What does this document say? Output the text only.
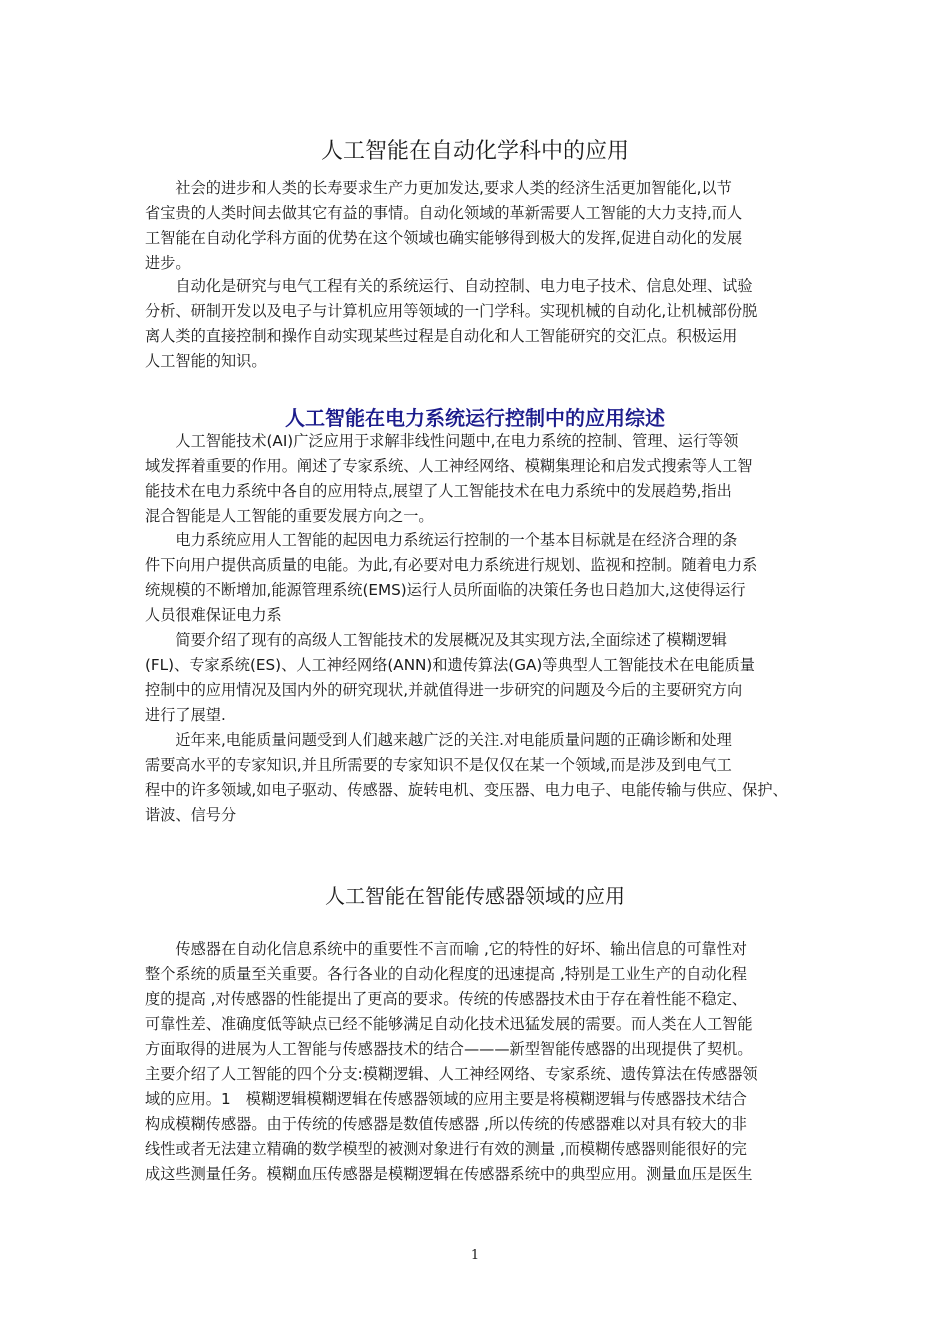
人工智能在自动化学科中的应用
　　社会的进步和人类的长寿要求生产力更加发达,要求人类的经济生活更加智能化,以节
省宝贵的人类时间去做其它有益的事情。自动化领域的革新需要人工智能的大力支持,而人
工智能在自动化学科方面的优势在这个领域也确实能够得到极大的发挥,促进自动化的发展
进步。
　　自动化是研究与电气工程有关的系统运行、自动控制、电力电子技术、信息处理、试验
分析、研制开发以及电子与计算机应用等领域的一门学科。实现机械的自动化,让机械部份脱
离人类的直接控制和操作自动实现某些过程是自动化和人工智能研究的交汇点。积极运用
人工智能的知识。
人工智能在电力系统运行控制中的应用综述
　　人工智能技术(AI)广泛应用于求解非线性问题中,在电力系统的控制、管理、运行等领
域发挥着重要的作用。阐述了专家系统、人工神经网络、模糊集理论和启发式搜索等人工智
能技术在电力系统中各自的应用特点,展望了人工智能技术在电力系统中的发展趋势,指出
混合智能是人工智能的重要发展方向之一。
　　电力系统应用人工智能的起因电力系统运行控制的一个基本目标就是在经济合理的条
件下向用户提供高质量的电能。为此,有必要对电力系统进行规划、监视和控制。随着电力系
统规模的不断增加,能源管理系统(EMS)运行人员所面临的决策任务也日趋加大,这使得运行
人员很难保证电力系
　　简要介绍了现有的高级人工智能技术的发展概况及其实现方法,全面综述了模糊逻辑
(FL)、专家系统(ES)、人工神经网络(ANN)和遗传算法(GA)等典型人工智能技术在电能质量
控制中的应用情况及国内外的研究现状,并就值得进一步研究的问题及今后的主要研究方向
进行了展望.
　　近年来,电能质量问题受到人们越来越广泛的关注.对电能质量问题的正确诊断和处理
需要高水平的专家知识,并且所需要的专家知识不是仅仅在某一个领域,而是涉及到电气工
程中的许多领域,如电子驱动、传感器、旋转电机、变压器、电力电子、电能传输与供应、保护、
谐波、信号分
人工智能在智能传感器领域的应用
　　传感器在自动化信息系统中的重要性不言而喻 ,它的特性的好坏、输出信息的可靠性对
整个系统的质量至关重要。各行各业的自动化程度的迅速提高 ,特别是工业生产的自动化程
度的提高 ,对传感器的性能提出了更高的要求。传统的传感器技术由于存在着性能不稳定、
可靠性差、准确度低等缺点已经不能够满足自动化技术迅猛发展的需要。而人类在人工智能
方面取得的进展为人工智能与传感器技术的结合———新型智能传感器的出现提供了契机。
主要介绍了人工智能的四个分支:模糊逻辑、人工神经网络、专家系统、遗传算法在传感器领
域的应用。1　模糊逻辑模糊逻辑在传感器领域的应用主要是将模糊逻辑与传感器技术结合
构成模糊传感器。由于传统的传感器是数值传感器 ,所以传统的传感器难以对具有较大的非
线性或者无法建立精确的数学模型的被测对象进行有效的测量 ,而模糊传感器则能很好的完
成这些测量任务。模糊血压传感器是模糊逻辑在传感器系统中的典型应用。测量血压是医生
1
